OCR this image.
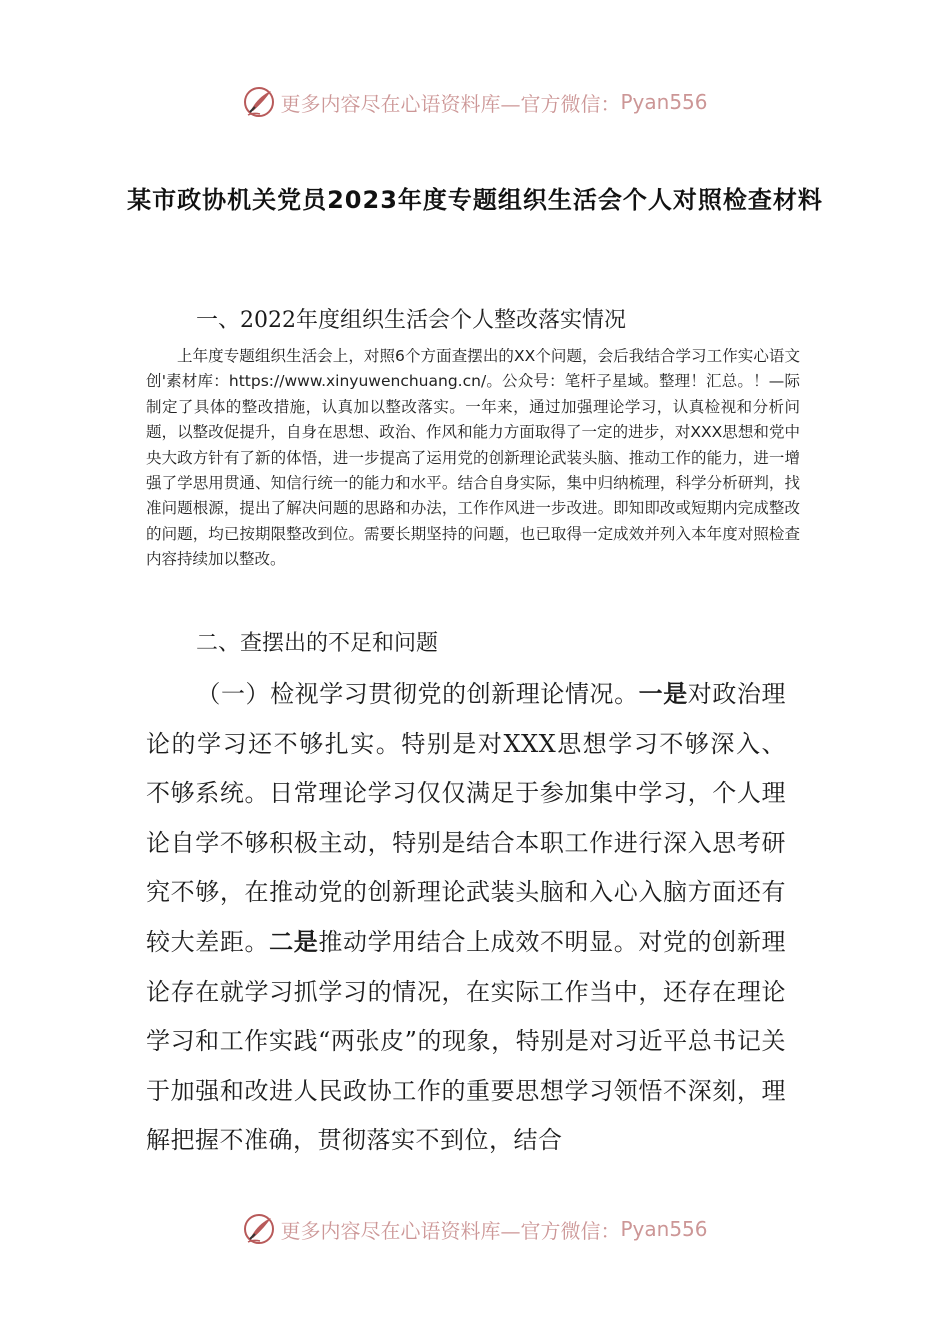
更多内容尽在心语资料库—官方微信： Pyan556
某市政协机关党员2023年度专题组织生活会个人对照检查材料
一、2022年度组织生活会个人整改落实情况

上年度专题组织生活会上，对照6个方面查摆出的XX个问题，会后我结合学习工作实心语文创'素材库：https://www.xinyuwenchuang.cn/。公众号：笔杆子星域。整理！汇总。！—际制定了具体的整改措施，认真加以整改落实。一年来，通过加强理论学习，认真检视和分析问题，以整改促提升，自身在思想、政治、作风和能力方面取得了一定的进步，对XXX思想和党中央大政方针有了新的体悟，进一步提高了运用党的创新理论武装头脑、推动工作的能力，进一增强了学思用贯通、知信行统一的能力和水平。结合自身实际，集中归纳梳理，科学分析研判，找准问题根源，提出了解决问题的思路和办法，工作作风进一步改进。即知即改或短期内完成整改的问题，均已按期限整改到位。需要长期坚持的问题，也已取得一定成效并列入本年度对照检查内容持续加以整改。

二、查摆出的不足和问题

（一）检视学习贯彻党的创新理论情况。一是对政治理论的学习还不够扎实。特别是对XXX思想学习不够深入、不够系统。日常理论学习仅仅满足于参加集中学习，个人理论自学不够积极主动，特别是结合本职工作进行深入思考研究不够，在推动党的创新理论武装头脑和入心入脑方面还有较大差距。二是推动学用结合上成效不明显。对党的创新理论存在就学习抓学习的情况，在实际工作当中，还存在理论学习和工作实践“两张皮”的现象，特别是对习近平总书记关于加强和改进人民政协工作的重要思想学习领悟不深刻，理解把握不准确，贯彻落实不到位，结合

更多内容尽在心语资料库—官方微信： Pyan556
